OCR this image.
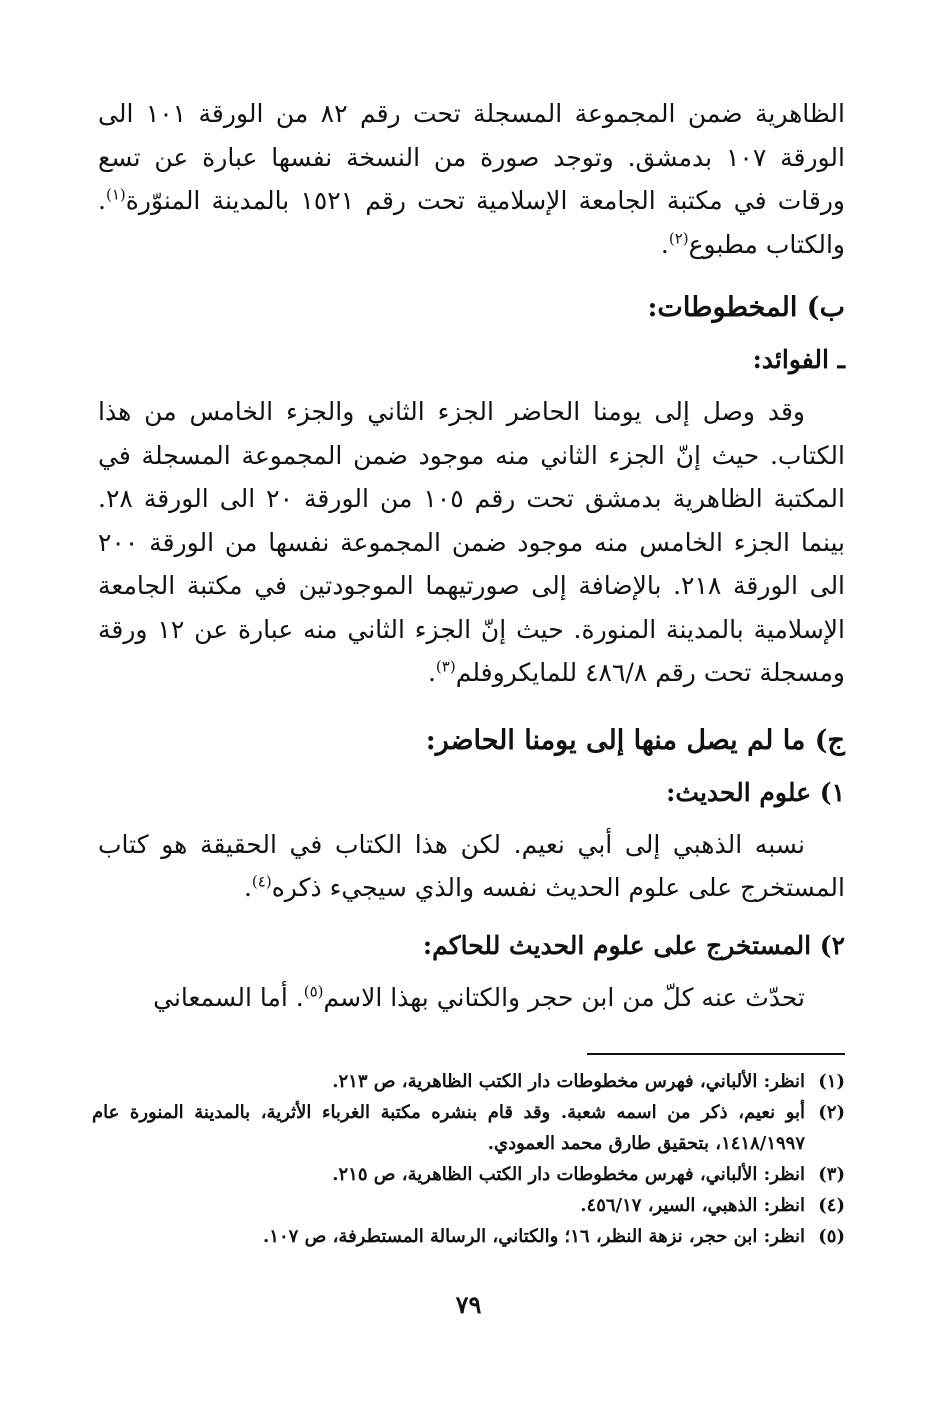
الظاهرية ضمن المجموعة المسجلة تحت رقم ٨٢ من الورقة ١٠١ الى الورقة ١٠٧ بدمشق. وتوجد صورة من النسخة نفسها عبارة عن تسع ورقات في مكتبة الجامعة الإسلامية تحت رقم ١٥٢١ بالمدينة المنوّرة$^{(١)}$. والكتاب مطبوع$^{(٢)}$.

ب) المخطوطات:
ـ الفوائد:

وقد وصل إلى يومنا الحاضر الجزء الثاني والجزء الخامس من هذا الكتاب. حيث إنّ الجزء الثاني منه موجود ضمن المجموعة المسجلة في المكتبة الظاهرية بدمشق تحت رقم ١٠٥ من الورقة ٢٠ الى الورقة ٢٨. بينما الجزء الخامس منه موجود ضمن المجموعة نفسها من الورقة ٢٠٠ الى الورقة ٢١٨. بالإضافة إلى صورتيهما الموجودتين في مكتبة الجامعة الإسلامية بالمدينة المنورة. حيث إنّ الجزء الثاني منه عبارة عن ١٢ ورقة ومسجلة تحت رقم ٤٨٦/٨ للمايكروفلم$^{(٣)}$.

ج) ما لم يصل منها إلى يومنا الحاضر:
١) علوم الحديث:

نسبه الذهبي إلى أبي نعيم. لكن هذا الكتاب في الحقيقة هو كتاب المستخرج على علوم الحديث نفسه والذي سيجيء ذكره$^{(٤)}$.

٢) المستخرج على علوم الحديث للحاكم:

تحدّث عنه كلّ من ابن حجر والكتاني بهذا الاسم$^{(٥)}$. أما السمعاني

(١)
انظر: الألباني، فهرس مخطوطات دار الكتب الظاهرية، ص ٢١٣.
(٢)
أبو نعيم، ذكر من اسمه شعبة. وقد قام بنشره مكتبة الغرباء الأثرية، بالمدينة المنورة عام ١٤١٨/١٩٩٧، بتحقيق طارق محمد العمودي.
(٣)
انظر: الألباني، فهرس مخطوطات دار الكتب الظاهرية، ص ٢١٥.
(٤)
انظر: الذهبي، السير، ٤٥٦/١٧.
(٥)
انظر: ابن حجر، نزهة النظر، ١٦؛ والكتاني، الرسالة المستطرفة، ص ١٠٧.
٧٩
